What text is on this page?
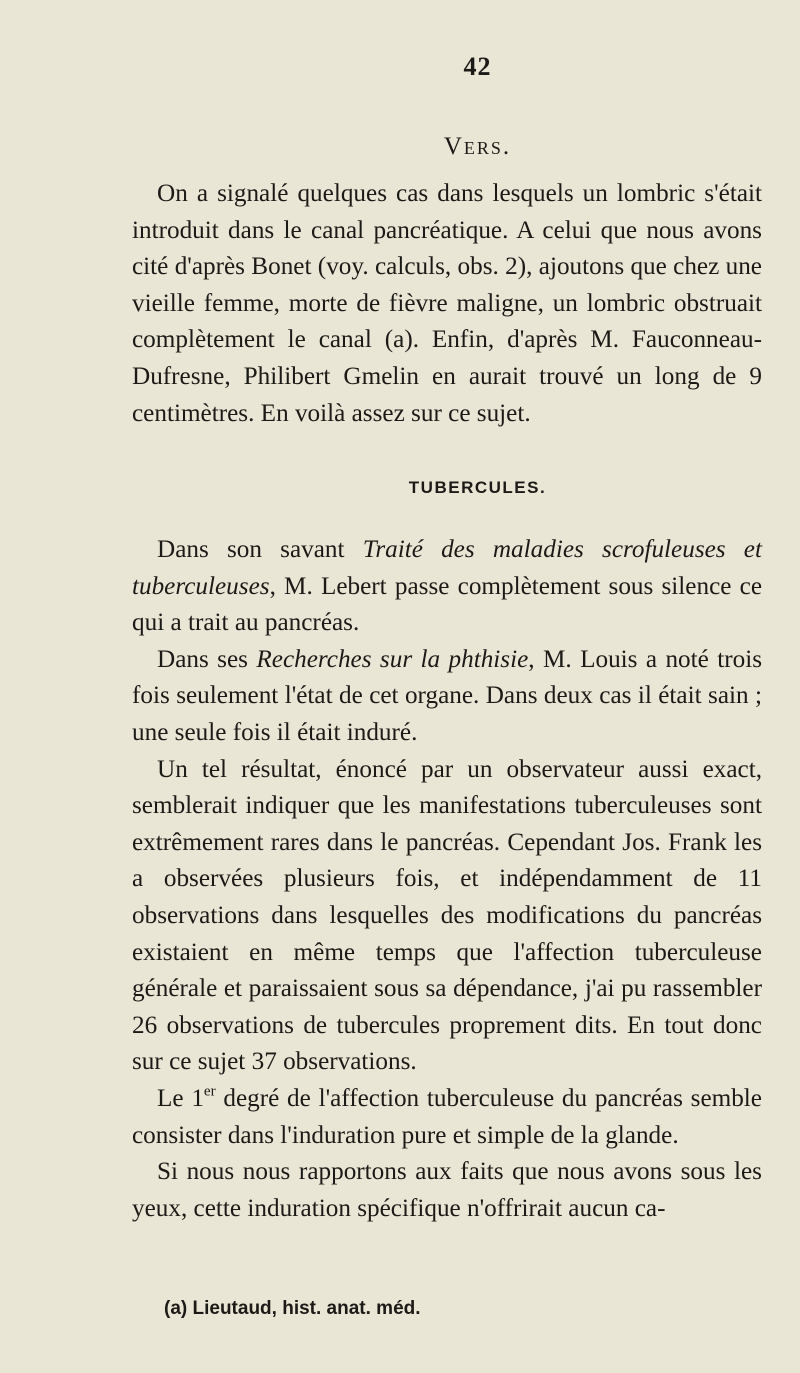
42
Vers.

On a signalé quelques cas dans lesquels un lombric s'était introduit dans le canal pancréatique. A celui que nous avons cité d'après Bonet (voy. calculs, obs. 2), ajoutons que chez une vieille femme, morte de fièvre maligne, un lombric obstruait complètement le canal (a). Enfin, d'après M. Fauconneau-Dufresne, Philibert Gmelin en aurait trouvé un long de 9 centimètres. En voilà assez sur ce sujet.

TUBERCULES.

Dans son savant Traité des maladies scrofuleuses et tuberculeuses, M. Lebert passe complètement sous silence ce qui a trait au pancréas.

Dans ses Recherches sur la phthisie, M. Louis a noté trois fois seulement l'état de cet organe. Dans deux cas il était sain ; une seule fois il était induré.

Un tel résultat, énoncé par un observateur aussi exact, semblerait indiquer que les manifestations tuberculeuses sont extrêmement rares dans le pancréas. Cependant Jos. Frank les a observées plusieurs fois, et indépendamment de 11 observations dans lesquelles des modifications du pancréas existaient en même temps que l'affection tuberculeuse générale et paraissaient sous sa dépendance, j'ai pu rassembler 26 observations de tubercules proprement dits. En tout donc sur ce sujet 37 observations.

Le 1er degré de l'affection tuberculeuse du pancréas semble consister dans l'induration pure et simple de la glande.

Si nous nous rapportons aux faits que nous avons sous les yeux, cette induration spécifique n'offrirait aucun ca-

(a) Lieutaud, hist. anat. méd.
